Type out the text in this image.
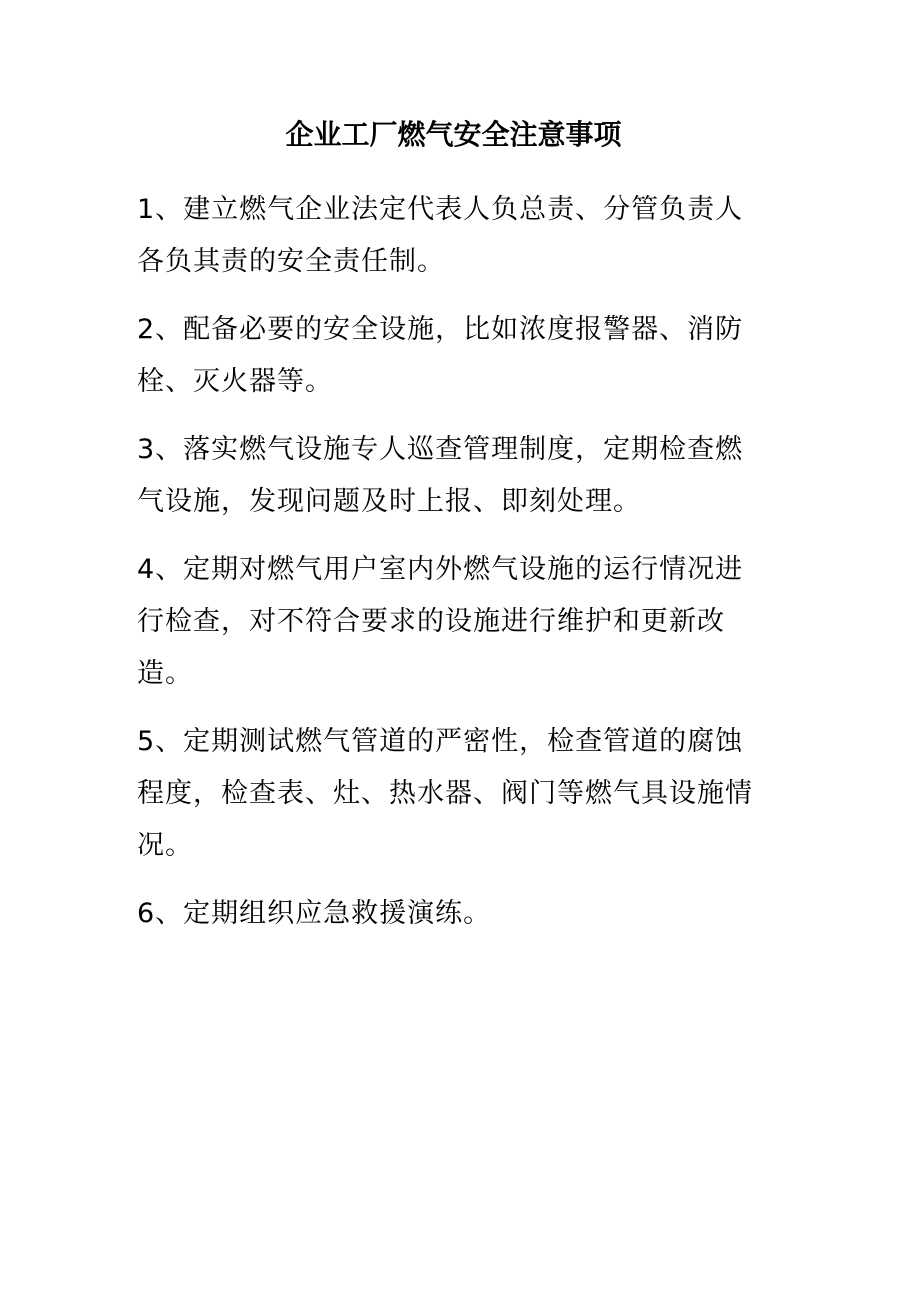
企业工厂燃气安全注意事项

1、建立燃气企业法定代表人负总责、分管负责人各负其责的安全责任制。

2、配备必要的安全设施，比如浓度报警器、消防栓、灭火器等。

3、落实燃气设施专人巡查管理制度，定期检查燃气设施，发现问题及时上报、即刻处理。

4、定期对燃气用户室内外燃气设施的运行情况进行检查，对不符合要求的设施进行维护和更新改造。

5、定期测试燃气管道的严密性，检查管道的腐蚀程度，检查表、灶、热水器、阀门等燃气具设施情况。

6、定期组织应急救援演练。
